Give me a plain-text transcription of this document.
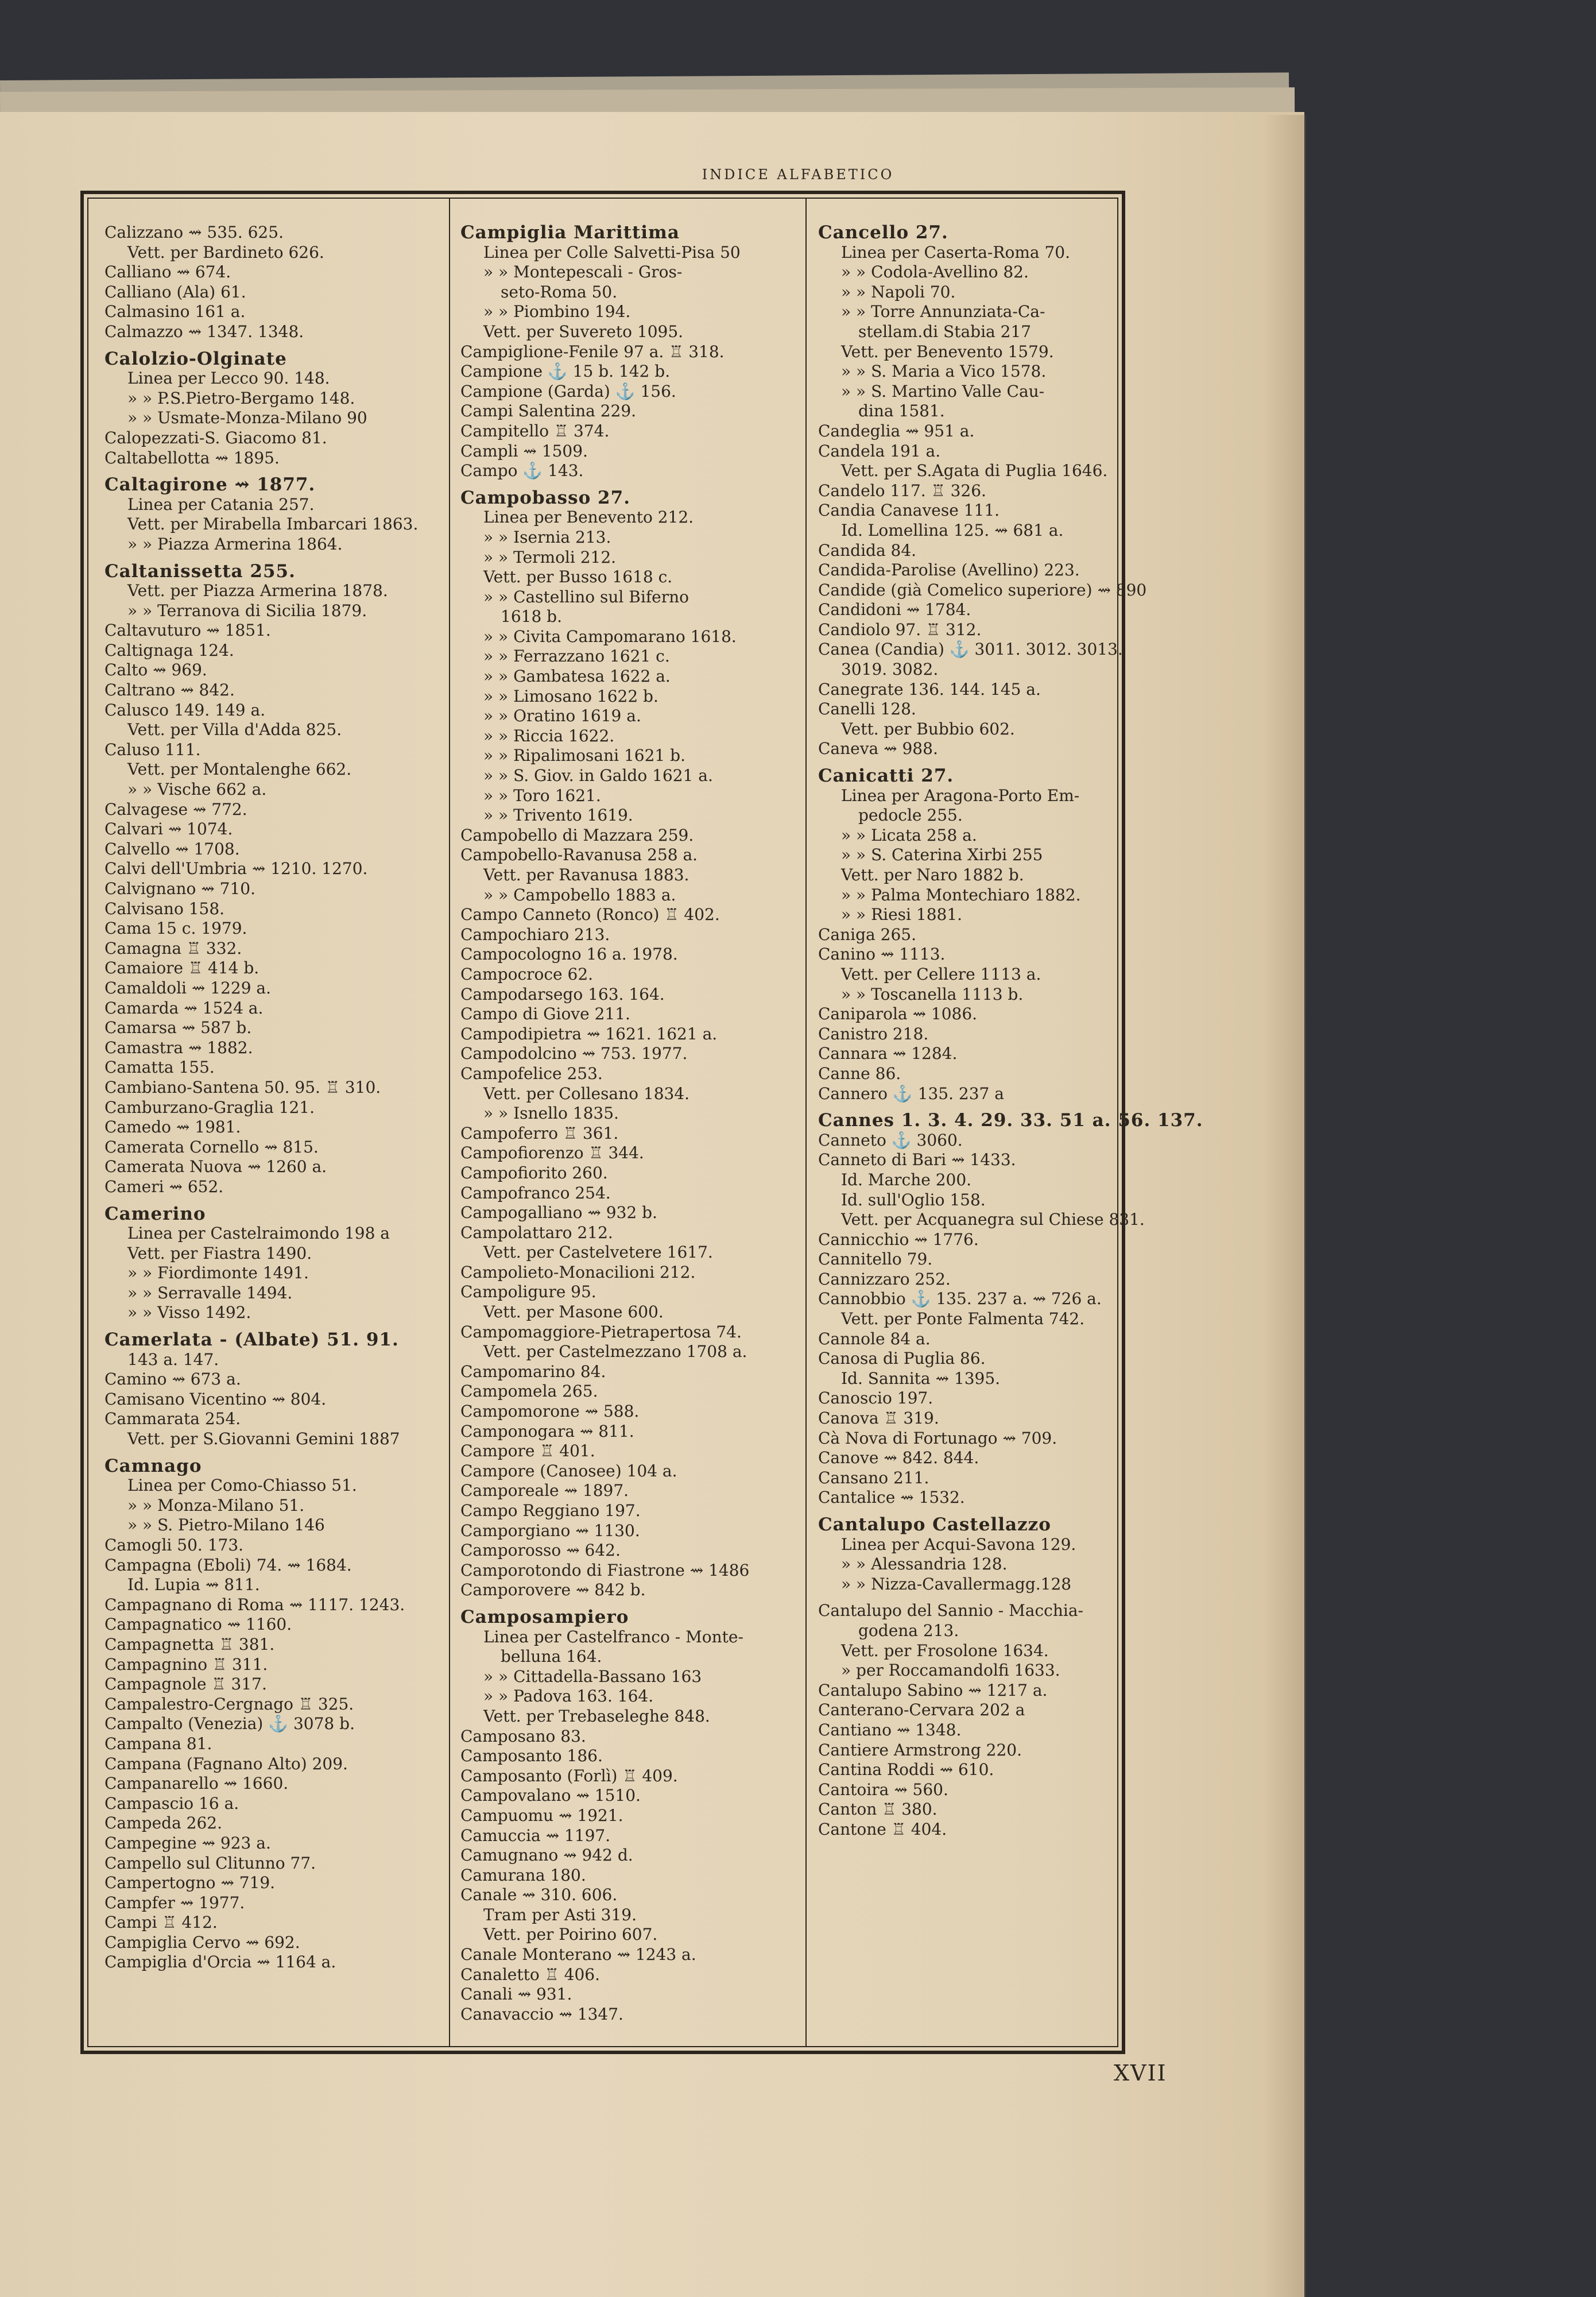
INDICE ALFABETICO
Calizzano ⇝ 535. 625.
Vett. per Bardineto 626.
Calliano ⇝ 674.
Calliano (Ala) 61.
Calmasino 161 a.
Calmazzo ⇝ 1347. 1348.
Calolzio-Olginate
Linea per Lecco 90. 148.
» » P.S.Pietro-Bergamo 148.
» » Usmate-Monza-Milano 90
Calopezzati-S. Giacomo 81.
Caltabellotta ⇝ 1895.
Caltagirone ⇝ 1877.
Linea per Catania 257.
Vett. per Mirabella Imbarcari 1863.
» » Piazza Armerina 1864.
Caltanissetta 255.
Vett. per Piazza Armerina 1878.
» » Terranova di Sicilia 1879.
Caltavuturo ⇝ 1851.
Caltignaga 124.
Calto ⇝ 969.
Caltrano ⇝ 842.
Calusco 149. 149 a.
Vett. per Villa d'Adda 825.
Caluso 111.
Vett. per Montalenghe 662.
» » Vische 662 a.
Calvagese ⇝ 772.
Calvari ⇝ 1074.
Calvello ⇝ 1708.
Calvi dell'Umbria ⇝ 1210. 1270.
Calvignano ⇝ 710.
Calvisano 158.
Cama 15 c. 1979.
Camagna ♖ 332.
Camaiore ♖ 414 b.
Camaldoli ⇝ 1229 a.
Camarda ⇝ 1524 a.
Camarsa ⇝ 587 b.
Camastra ⇝ 1882.
Camatta 155.
Cambiano-Santena 50. 95. ♖ 310.
Camburzano-Graglia 121.
Camedo ⇝ 1981.
Camerata Cornello ⇝ 815.
Camerata Nuova ⇝ 1260 a.
Cameri ⇝ 652.
Camerino
Linea per Castelraimondo 198 a
Vett. per Fiastra 1490.
» » Fiordimonte 1491.
» » Serravalle 1494.
» » Visso 1492.
Camerlata - (Albate) 51. 91.
143 a. 147.
Camino ⇝ 673 a.
Camisano Vicentino ⇝ 804.
Cammarata 254.
Vett. per S.Giovanni Gemini 1887
Camnago
Linea per Como-Chiasso 51.
» » Monza-Milano 51.
» » S. Pietro-Milano 146
Camogli 50. 173.
Campagna (Eboli) 74. ⇝ 1684.
Id. Lupia ⇝ 811.
Campagnano di Roma ⇝ 1117. 1243.
Campagnatico ⇝ 1160.
Campagnetta ♖ 381.
Campagnino ♖ 311.
Campagnole ♖ 317.
Campalestro-Cergnago ♖ 325.
Campalto (Venezia) ⚓ 3078 b.
Campana 81.
Campana (Fagnano Alto) 209.
Campanarello ⇝ 1660.
Campascio 16 a.
Campeda 262.
Campegine ⇝ 923 a.
Campello sul Clitunno 77.
Campertogno ⇝ 719.
Campfer ⇝ 1977.
Campi ♖ 412.
Campiglia Cervo ⇝ 692.
Campiglia d'Orcia ⇝ 1164 a.
Campiglia Marittima
Linea per Colle Salvetti-Pisa 50
» » Montepescali - Gros-
seto-Roma 50.
» » Piombino 194.
Vett. per Suvereto 1095.
Campiglione-Fenile 97 a. ♖ 318.
Campione ⚓ 15 b. 142 b.
Campione (Garda) ⚓ 156.
Campi Salentina 229.
Campitello ♖ 374.
Campli ⇝ 1509.
Campo ⚓ 143.
Campobasso 27.
Linea per Benevento 212.
» » Isernia 213.
» » Termoli 212.
Vett. per Busso 1618 c.
» » Castellino sul Biferno
1618 b.
» » Civita Campomarano 1618.
» » Ferrazzano 1621 c.
» » Gambatesa 1622 a.
» » Limosano 1622 b.
» » Oratino 1619 a.
» » Riccia 1622.
» » Ripalimosani 1621 b.
» » S. Giov. in Galdo 1621 a.
» » Toro 1621.
» » Trivento 1619.
Campobello di Mazzara 259.
Campobello-Ravanusa 258 a.
Vett. per Ravanusa 1883.
» » Campobello 1883 a.
Campo Canneto (Ronco) ♖ 402.
Campochiaro 213.
Campocologno 16 a. 1978.
Campocroce 62.
Campodarsego 163. 164.
Campo di Giove 211.
Campodipietra ⇝ 1621. 1621 a.
Campodolcino ⇝ 753. 1977.
Campofelice 253.
Vett. per Collesano 1834.
» » Isnello 1835.
Campoferro ♖ 361.
Campofiorenzo ♖ 344.
Campofiorito 260.
Campofranco 254.
Campogalliano ⇝ 932 b.
Campolattaro 212.
Vett. per Castelvetere 1617.
Campolieto-Monacilioni 212.
Campoligure 95.
Vett. per Masone 600.
Campomaggiore-Pietrapertosa 74.
Vett. per Castelmezzano 1708 a.
Campomarino 84.
Campomela 265.
Campomorone ⇝ 588.
Camponogara ⇝ 811.
Campore ♖ 401.
Campore (Canosee) 104 a.
Camporeale ⇝ 1897.
Campo Reggiano 197.
Camporgiano ⇝ 1130.
Camporosso ⇝ 642.
Camporotondo di Fiastrone ⇝ 1486
Camporovere ⇝ 842 b.
Camposampiero
Linea per Castelfranco - Monte-
belluna 164.
» » Cittadella-Bassano 163
» » Padova 163. 164.
Vett. per Trebaseleghe 848.
Camposano 83.
Camposanto 186.
Camposanto (Forlì) ♖ 409.
Campovalano ⇝ 1510.
Campuomu ⇝ 1921.
Camuccia ⇝ 1197.
Camugnano ⇝ 942 d.
Camurana 180.
Canale ⇝ 310. 606.
Tram per Asti 319.
Vett. per Poirino 607.
Canale Monterano ⇝ 1243 a.
Canaletto ♖ 406.
Canali ⇝ 931.
Canavaccio ⇝ 1347.
Cancello 27.
Linea per Caserta-Roma 70.
» » Codola-Avellino 82.
» » Napoli 70.
» » Torre Annunziata-Ca-
stellam.di Stabia 217
Vett. per Benevento 1579.
» » S. Maria a Vico 1578.
» » S. Martino Valle Cau-
dina 1581.
Candeglia ⇝ 951 a.
Candela 191 a.
Vett. per S.Agata di Puglia 1646.
Candelo 117. ♖ 326.
Candia Canavese 111.
Id. Lomellina 125. ⇝ 681 a.
Candida 84.
Candida-Parolise (Avellino) 223.
Candide (già Comelico superiore) ⇝ 890
Candidoni ⇝ 1784.
Candiolo 97. ♖ 312.
Canea (Candia) ⚓ 3011. 3012. 3013.
3019. 3082.
Canegrate 136. 144. 145 a.
Canelli 128.
Vett. per Bubbio 602.
Caneva ⇝ 988.
Canicatti 27.
Linea per Aragona-Porto Em-
pedocle 255.
» » Licata 258 a.
» » S. Caterina Xirbi 255
Vett. per Naro 1882 b.
» » Palma Montechiaro 1882.
» » Riesi 1881.
Caniga 265.
Canino ⇝ 1113.
Vett. per Cellere 1113 a.
» » Toscanella 1113 b.
Caniparola ⇝ 1086.
Canistro 218.
Cannara ⇝ 1284.
Canne 86.
Cannero ⚓ 135. 237 a
Cannes 1. 3. 4. 29. 33. 51 a. 56. 137.
Canneto ⚓ 3060.
Canneto di Bari ⇝ 1433.
Id. Marche 200.
Id. sull'Oglio 158.
Vett. per Acquanegra sul Chiese 831.
Cannicchio ⇝ 1776.
Cannitello 79.
Cannizzaro 252.
Cannobbio ⚓ 135. 237 a. ⇝ 726 a.
Vett. per Ponte Falmenta 742.
Cannole 84 a.
Canosa di Puglia 86.
Id. Sannita ⇝ 1395.
Canoscio 197.
Canova ♖ 319.
Cà Nova di Fortunago ⇝ 709.
Canove ⇝ 842. 844.
Cansano 211.
Cantalice ⇝ 1532.
Cantalupo Castellazzo
Linea per Acqui-Savona 129.
» » Alessandria 128.
» » Nizza-Cavallermagg.128
Cantalupo del Sannio - Macchia-
godena 213.
Vett. per Frosolone 1634.
» per Roccamandolfi 1633.
Cantalupo Sabino ⇝ 1217 a.
Canterano-Cervara 202 a
Cantiano ⇝ 1348.
Cantiere Armstrong 220.
Cantina Roddi ⇝ 610.
Cantoira ⇝ 560.
Canton ♖ 380.
Cantone ♖ 404.
XVII
